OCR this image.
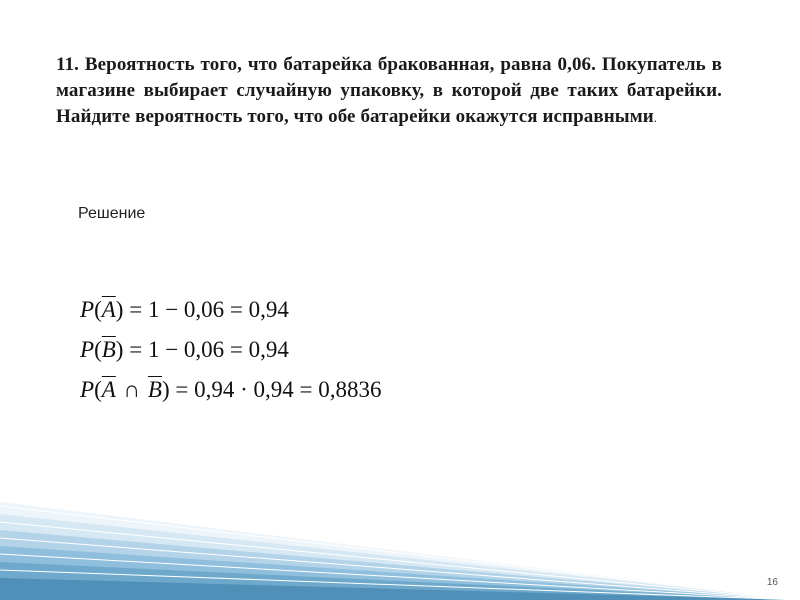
11. Вероятность того, что батарейка бракованная, равна 0,06. Покупатель в магазине выбирает случайную упаковку, в которой две таких батарейки. Найдите вероятность того, что обе батарейки окажутся исправными.

Решение
$P(\overline{A}) = 1 - 0,06 = 0,94$
$P(\overline{B}) = 1 - 0,06 = 0,94$
$P(\overline{A}$ ∩ $\overline{B}) = 0,94 \cdot 0,94 = 0,8836$
16
